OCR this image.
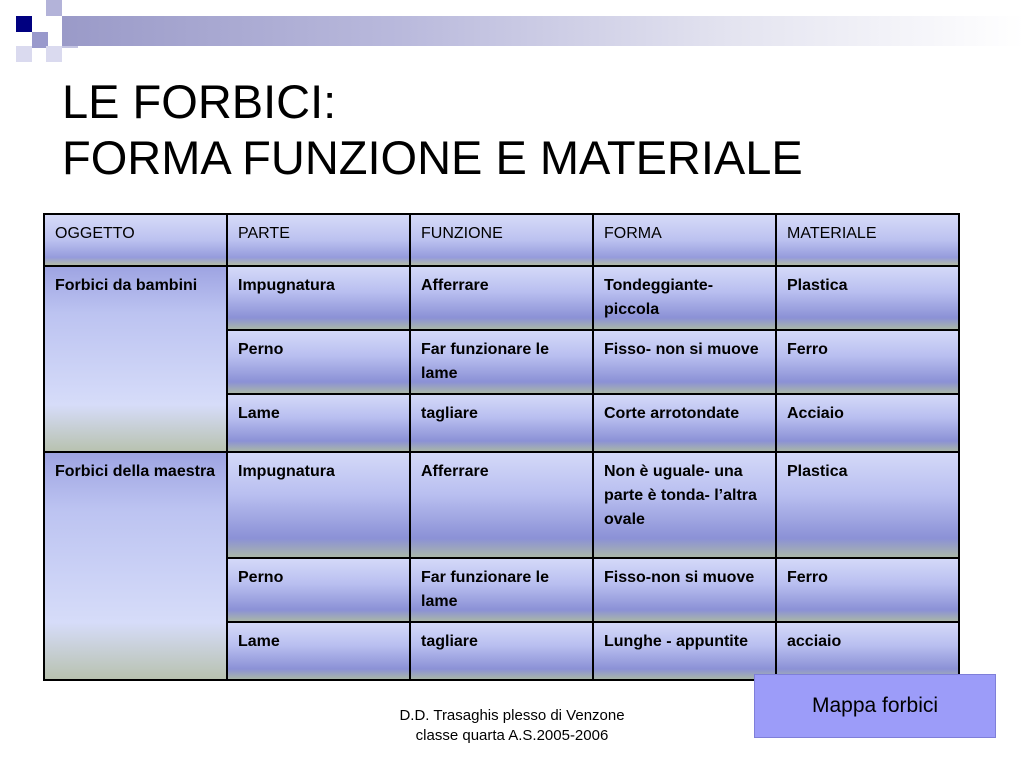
LE FORBICI:
FORMA FUNZIONE E MATERIALE
OGGETTO	PARTE	FUNZIONE	FORMA	MATERIALE
Forbici da bambini	Impugnatura	Afferrare	Tondeggiante-piccola	Plastica
	Perno	Far funzionare le lame	Fisso- non si muove	Ferro
	Lame	tagliare	Corte arrotondate	Acciaio
Forbici della maestra	Impugnatura	Afferrare	Non è uguale- una parte è tonda- l’altra ovale	Plastica
	Perno	Far funzionare le lame	Fisso-non si muove	Ferro
	Lame	tagliare	Lunghe - appuntite	acciaio
Mappa forbici
D.D. Trasaghis plesso di Venzone
classe quarta A.S.2005-2006
